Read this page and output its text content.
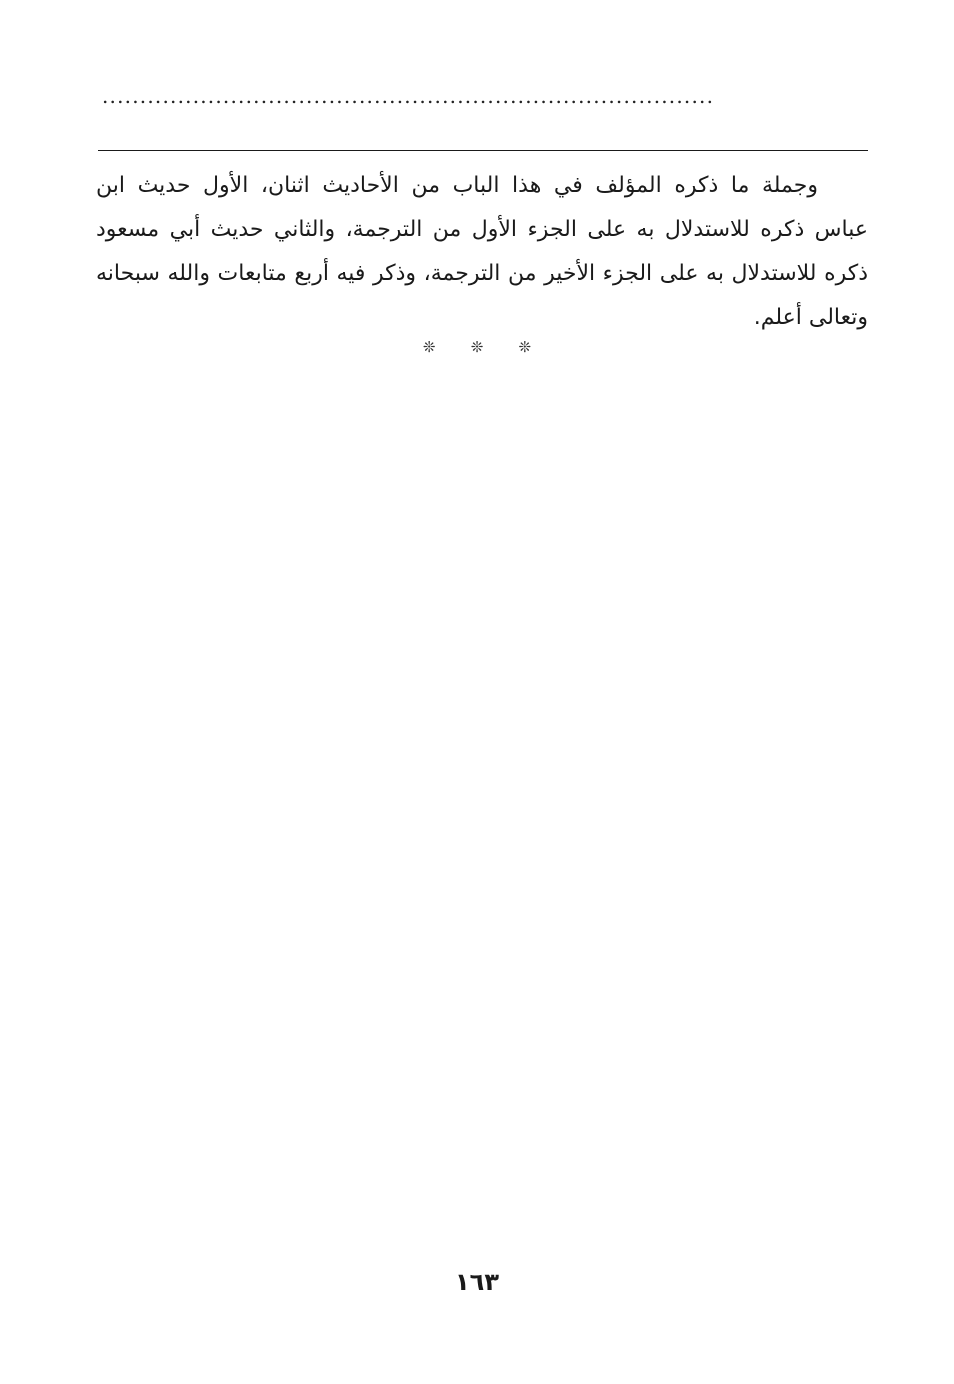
.................................................................................
وجملة ما ذكره المؤلف في هذا الباب من الأحاديث اثنان، الأول حديث ابن
عباس ذكره للاستدلال به على الجزء الأول من الترجمة، والثاني حديث أبي مسعود
ذكره للاستدلال به على الجزء الأخير من الترجمة، وذكر فيه أربع متابعات والله سبحانه
وتعالى أعلم.
❊ ❊ ❊
١٦٣
